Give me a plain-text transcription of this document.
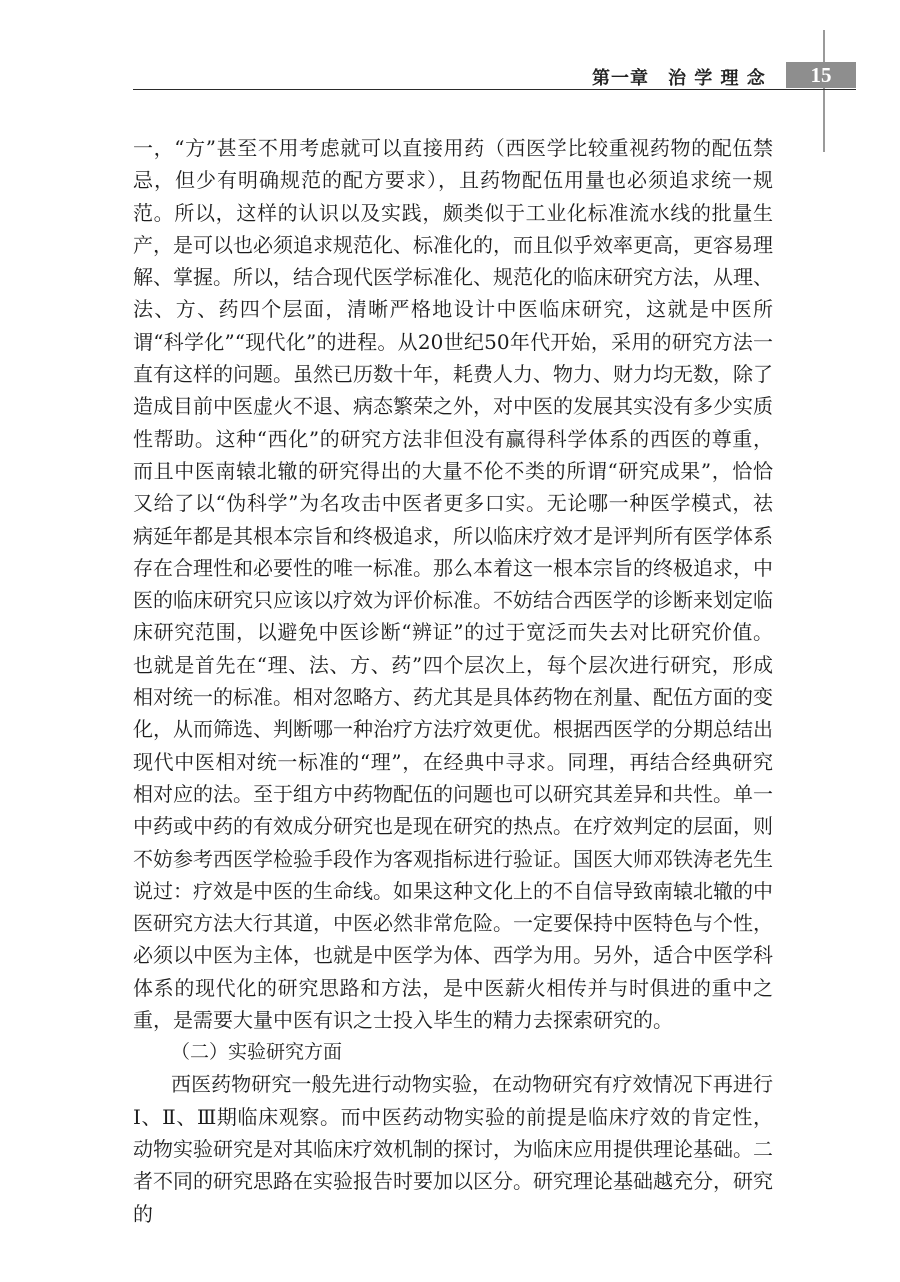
第一章　治 学 理 念	15

一，“方”甚至不用考虑就可以直接用药（西医学比较重视药物的配伍禁忌，但少有明确规范的配方要求），且药物配伍用量也必须追求统一规范。所以，这样的认识以及实践，颇类似于工业化标准流水线的批量生产，是可以也必须追求规范化、标准化的，而且似乎效率更高，更容易理解、掌握。所以，结合现代医学标准化、规范化的临床研究方法，从理、法、方、药四个层面，清晰严格地设计中医临床研究，这就是中医所谓“科学化”“现代化”的进程。从20世纪50年代开始，采用的研究方法一直有这样的问题。虽然已历数十年，耗费人力、物力、财力均无数，除了造成目前中医虚火不退、病态繁荣之外，对中医的发展其实没有多少实质性帮助。这种“西化”的研究方法非但没有赢得科学体系的西医的尊重，而且中医南辕北辙的研究得出的大量不伦不类的所谓“研究成果”，恰恰又给了以“伪科学”为名攻击中医者更多口实。无论哪一种医学模式，祛病延年都是其根本宗旨和终极追求，所以临床疗效才是评判所有医学体系存在合理性和必要性的唯一标准。那么本着这一根本宗旨的终极追求，中医的临床研究只应该以疗效为评价标准。不妨结合西医学的诊断来划定临床研究范围，以避免中医诊断“辨证”的过于宽泛而失去对比研究价值。也就是首先在“理、法、方、药”四个层次上，每个层次进行研究，形成相对统一的标准。相对忽略方、药尤其是具体药物在剂量、配伍方面的变化，从而筛选、判断哪一种治疗方法疗效更优。根据西医学的分期总结出现代中医相对统一标准的“理”，在经典中寻求。同理，再结合经典研究相对应的法。至于组方中药物配伍的问题也可以研究其差异和共性。单一中药或中药的有效成分研究也是现在研究的热点。在疗效判定的层面，则不妨参考西医学检验手段作为客观指标进行验证。国医大师邓铁涛老先生说过：疗效是中医的生命线。如果这种文化上的不自信导致南辕北辙的中医研究方法大行其道，中医必然非常危险。一定要保持中医特色与个性，必须以中医为主体，也就是中医学为体、西学为用。另外，适合中医学科体系的现代化的研究思路和方法，是中医薪火相传并与时俱进的重中之重，是需要大量中医有识之士投入毕生的精力去探索研究的。

（二）实验研究方面

西医药物研究一般先进行动物实验，在动物研究有疗效情况下再进行Ⅰ、Ⅱ、Ⅲ期临床观察。而中医药动物实验的前提是临床疗效的肯定性，动物实验研究是对其临床疗效机制的探讨，为临床应用提供理论基础。二者不同的研究思路在实验报告时要加以区分。研究理论基础越充分，研究的
